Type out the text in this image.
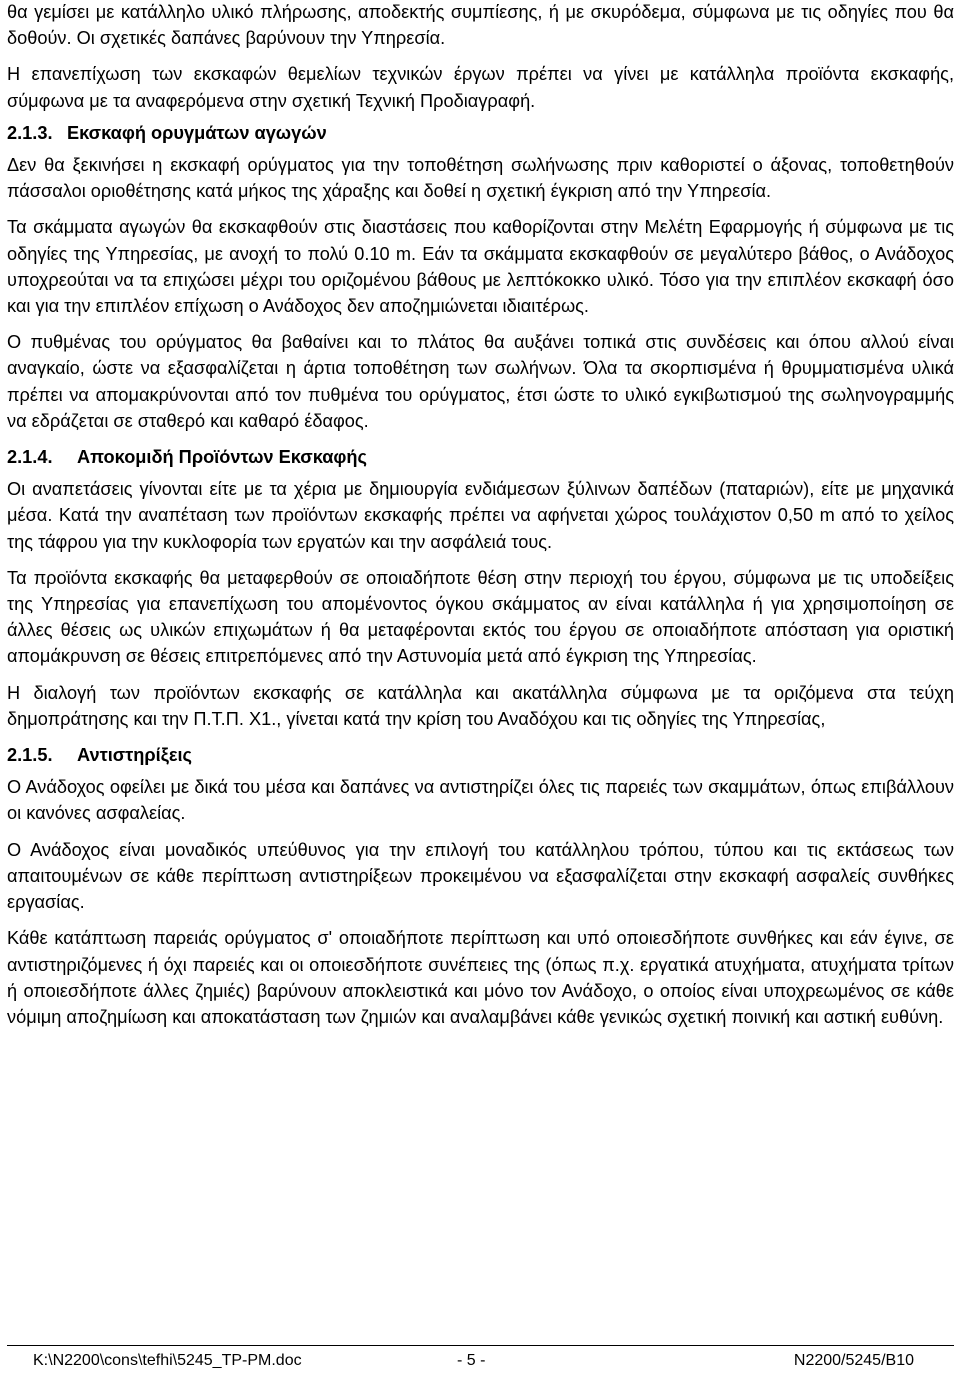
θα γεμίσει με κατάλληλο υλικό πλήρωσης, αποδεκτής συμπίεσης, ή με σκυρόδεμα, σύμφωνα με τις οδηγίες που θα δοθούν. Οι σχετικές δαπάνες βαρύνουν την Υπηρεσία.

Η επανεπίχωση των εκσκαφών θεμελίων τεχνικών έργων πρέπει να γίνει με κατάλληλα προϊόντα εκσκαφής, σύμφωνα με τα αναφερόμενα στην σχετική Τεχνική Προδιαγραφή.

2.1.3. Εκσκαφή ορυγμάτων αγωγών

Δεν θα ξεκινήσει η εκσκαφή ορύγματος για την τοποθέτηση σωλήνωσης πριν καθοριστεί ο άξονας, τοποθετηθούν πάσσαλοι οριοθέτησης κατά μήκος της χάραξης και δοθεί η σχετική έγκριση από την Υπηρεσία.

Τα σκάμματα αγωγών θα εκσκαφθούν στις διαστάσεις που καθορίζονται στην Μελέτη Εφαρμογής ή σύμφωνα με τις οδηγίες της Υπηρεσίας, με ανοχή το πολύ 0.10 m. Εάν τα σκάμματα εκσκαφθούν σε μεγαλύτερο βάθος, ο Ανάδοχος υποχρεούται να τα επιχώσει μέχρι του οριζομένου βάθους με λεπτόκοκκο υλικό. Τόσο για την επιπλέον εκσκαφή όσο και για την επιπλέον επίχωση ο Ανάδοχος δεν αποζημιώνεται ιδιαιτέρως.

Ο πυθμένας του ορύγματος θα βαθαίνει και το πλάτος θα αυξάνει τοπικά στις συνδέσεις και όπου αλλού είναι αναγκαίο, ώστε να εξασφαλίζεται η άρτια τοποθέτηση των σωλήνων. Όλα τα σκορπισμένα ή θρυμματισμένα υλικά πρέπει να απομακρύνονται από τον πυθμένα του ορύγματος, έτσι ώστε το υλικό εγκιβωτισμού της σωληνογραμμής να εδράζεται σε σταθερό και καθαρό έδαφος.

2.1.4. Αποκομιδή Προϊόντων Εκσκαφής

Οι αναπετάσεις γίνονται είτε με τα χέρια με δημιουργία ενδιάμεσων ξύλινων δαπέδων (παταριών), είτε με μηχανικά μέσα. Κατά την αναπέταση των προϊόντων εκσκαφής πρέπει να αφήνεται χώρος τουλάχιστον 0,50 m από το χείλος της τάφρου για την κυκλοφορία των εργατών και την ασφάλειά τους.

Τα προϊόντα εκσκαφής θα μεταφερθούν σε οποιαδήποτε θέση στην περιοχή του έργου, σύμφωνα με τις υποδείξεις της Υπηρεσίας για επανεπίχωση του απομένοντος όγκου σκάμματος αν είναι κατάλληλα ή για χρησιμοποίηση σε άλλες θέσεις ως υλικών επιχωμάτων ή θα μεταφέρονται εκτός του έργου σε οποιαδήποτε απόσταση για οριστική απομάκρυνση σε θέσεις επιτρεπόμενες από την Αστυνομία μετά από έγκριση της Υπηρεσίας.

Η διαλογή των προϊόντων εκσκαφής σε κατάλληλα και ακατάλληλα σύμφωνα με τα οριζόμενα στα τεύχη δημοπράτησης και την Π.Τ.Π. Χ1., γίνεται κατά την κρίση του Αναδόχου και τις οδηγίες της Υπηρεσίας,

2.1.5. Αντιστηρίξεις

Ο Ανάδοχος οφείλει με δικά του μέσα και δαπάνες να αντιστηρίζει όλες τις παρειές των σκαμμάτων, όπως επιβάλλουν οι κανόνες ασφαλείας.

Ο Ανάδοχος είναι μοναδικός υπεύθυνος για την επιλογή του κατάλληλου τρόπου, τύπου και τις εκτάσεως των απαιτουμένων σε κάθε περίπτωση αντιστηρίξεων προκειμένου να εξασφαλίζεται στην εκσκαφή ασφαλείς συνθήκες εργασίας.

Κάθε κατάπτωση παρειάς ορύγματος σ' οποιαδήποτε περίπτωση και υπό οποιεσδήποτε συνθήκες και εάν έγινε, σε αντιστηριζόμενες ή όχι παρειές και οι οποιεσδήποτε συνέπειες της (όπως π.χ. εργατικά ατυχήματα, ατυχήματα τρίτων ή οποιεσδήποτε άλλες ζημιές) βαρύνουν αποκλειστικά και μόνο τον Ανάδοχο, ο οποίος είναι υποχρεωμένος σε κάθε νόμιμη αποζημίωση και αποκατάσταση των ζημιών και αναλαμβάνει κάθε γενικώς σχετική ποινική και αστική ευθύνη.

K:\N2200\cons\tefhi\5245_TP-PM.doc	- 5 -	N2200/5245/B10
